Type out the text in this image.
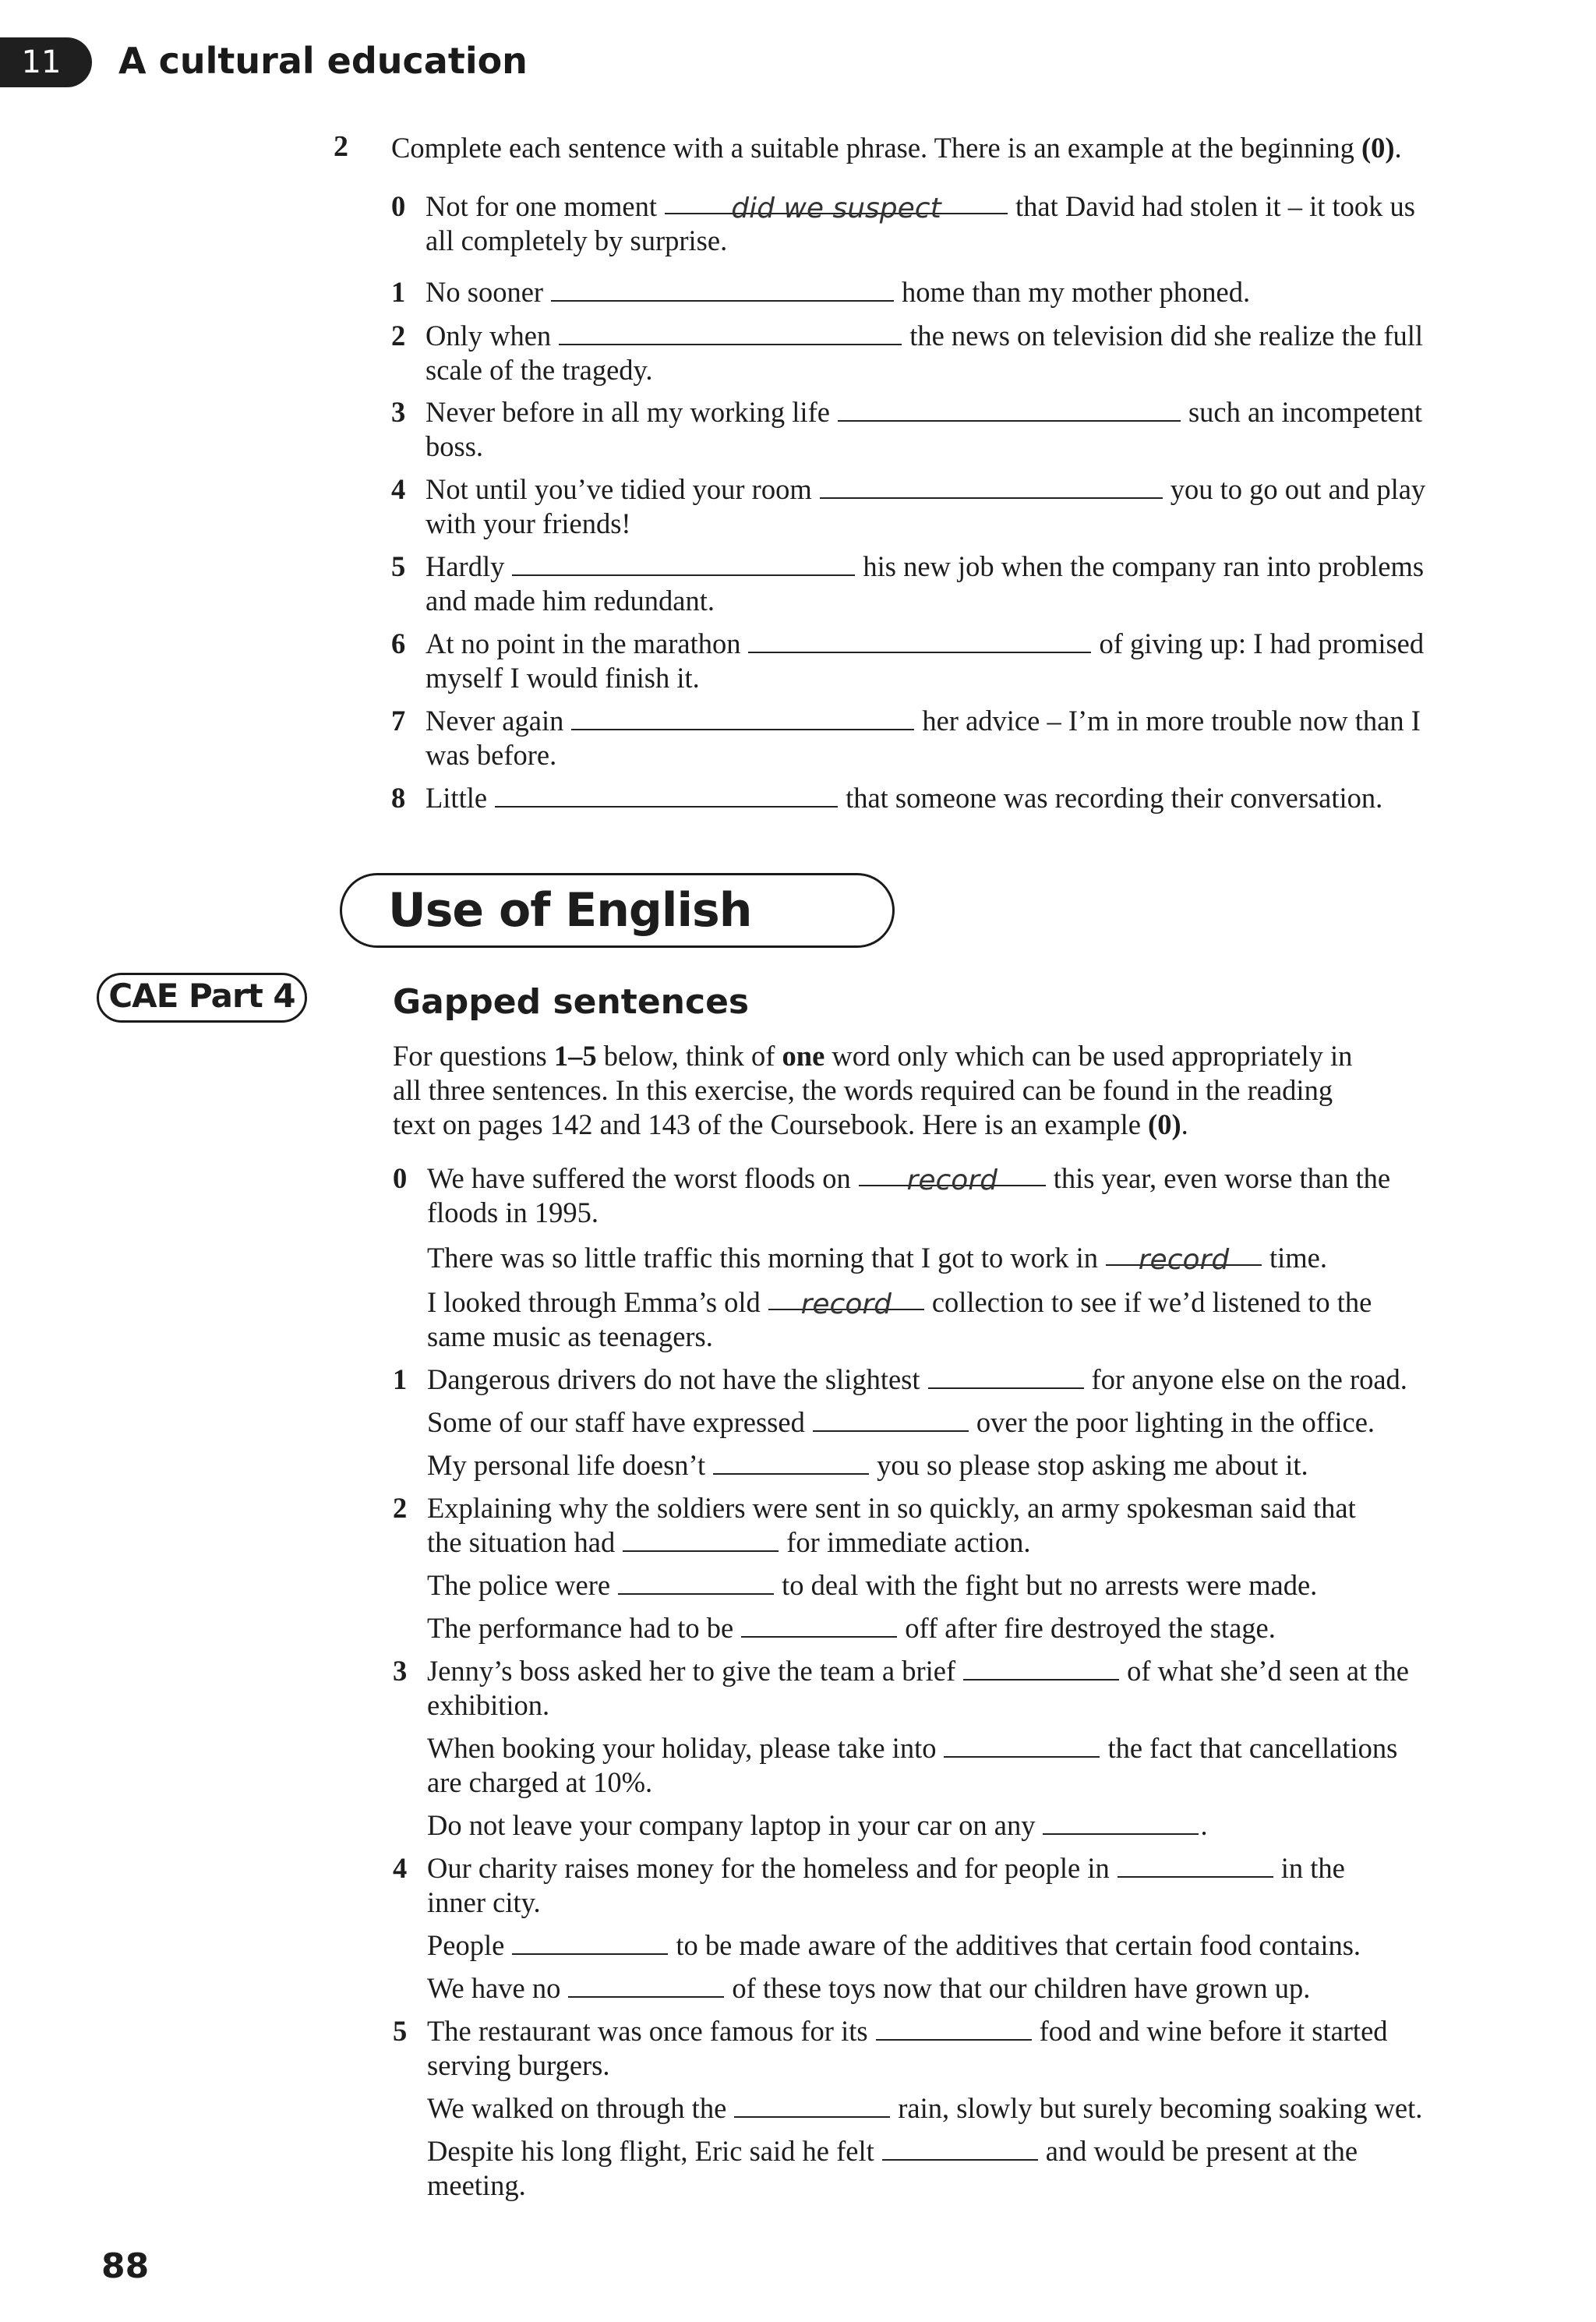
11	A cultural education
2 Complete each sentence with a suitable phrase. There is an example at the beginning (0).
0 Not for one moment	did we suspect	that David had stolen it – it took us
all completely by surprise.
1 No sooner	home than my mother phoned.
2 Only when	the news on television did she realize the full
scale of the tragedy.
3 Never before in all my working life	such an incompetent
boss.
4 Not until you’ve tidied your room	you to go out and play
with your friends!
5 Hardly	his new job when the company ran into problems
and made him redundant.
6 At no point in the marathon	of giving up: I had promised
myself I would finish it.
7 Never again	her advice – I’m in more trouble now than I
was before.
8 Little	that someone was recording their conversation.
Use of English
CAE Part 4	Gapped sentences
For questions 1–5 below, think of one word only which can be used appropriately in
all three sentences. In this exercise, the words required can be found in the reading
text on pages 142 and 143 of the Coursebook. Here is an example (0).
0 We have suffered the worst floods on record this year, even worse than the
floods in 1995.
There was so little traffic this morning that I got to work in record time.
I looked through Emma’s old record collection to see if we’d listened to the
same music as teenagers.
1 Dangerous drivers do not have the slightest	for anyone else on the road.
Some of our staff have expressed	over the poor lighting in the office.
My personal life doesn’t	you so please stop asking me about it.
2 Explaining why the soldiers were sent in so quickly, an army spokesman said that
the situation had	for immediate action.
The police were	to deal with the fight but no arrests were made.
The performance had to be	off after fire destroyed the stage.
3 Jenny’s boss asked her to give the team a brief	of what she’d seen at the
exhibition.
When booking your holiday, please take into	the fact that cancellations
are charged at 10%.
Do not leave your company laptop in your car on any	.
4 Our charity raises money for the homeless and for people in	in the
inner city.
People	to be made aware of the additives that certain food contains.
We have no	of these toys now that our children have grown up.
5 The restaurant was once famous for its	food and wine before it started
serving burgers.
We walked on through the	rain, slowly but surely becoming soaking wet.
Despite his long flight, Eric said he felt	and would be present at the
meeting.
88
